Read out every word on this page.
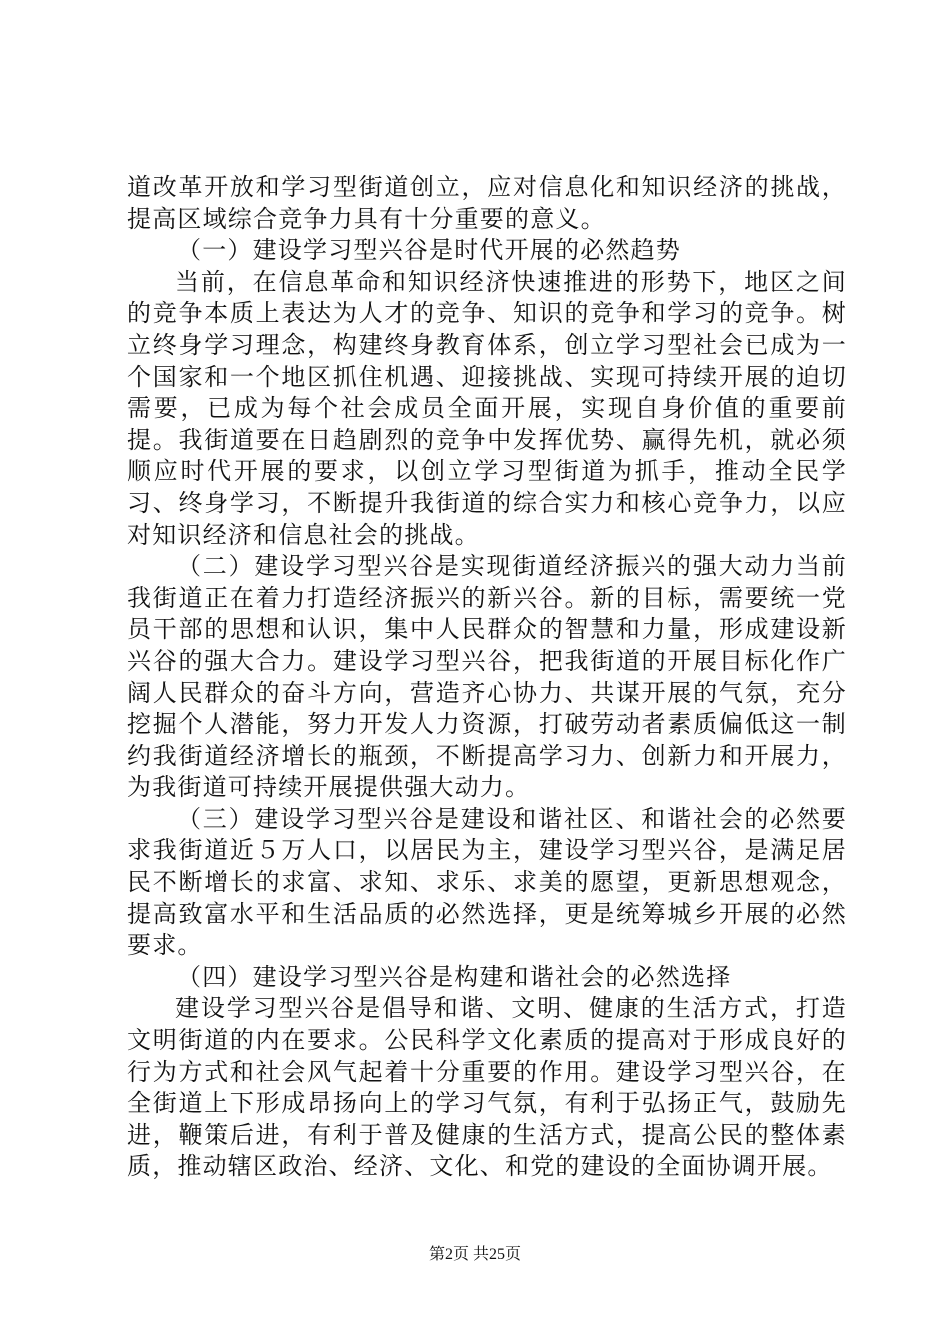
道改革开放和学习型街道创立，应对信息化和知识经济的挑战，提高区域综合竞争力具有十分重要的意义。

（一）建设学习型兴谷是时代开展的必然趋势

当前，在信息革命和知识经济快速推进的形势下，地区之间的竞争本质上表达为人才的竞争、知识的竞争和学习的竞争。树立终身学习理念，构建终身教育体系，创立学习型社会已成为一个国家和一个地区抓住机遇、迎接挑战、实现可持续开展的迫切需要，已成为每个社会成员全面开展，实现自身价值的重要前提。我街道要在日趋剧烈的竞争中发挥优势、赢得先机，就必须顺应时代开展的要求，以创立学习型街道为抓手，推动全民学习、终身学习，不断提升我街道的综合实力和核心竞争力，以应对知识经济和信息社会的挑战。

（二）建设学习型兴谷是实现街道经济振兴的强大动力当前我街道正在着力打造经济振兴的新兴谷。新的目标，需要统一党员干部的思想和认识，集中人民群众的智慧和力量，形成建设新兴谷的强大合力。建设学习型兴谷，把我街道的开展目标化作广阔人民群众的奋斗方向，营造齐心协力、共谋开展的气氛，充分挖掘个人潜能，努力开发人力资源，打破劳动者素质偏低这一制约我街道经济增长的瓶颈，不断提高学习力、创新力和开展力，为我街道可持续开展提供强大动力。

（三）建设学习型兴谷是建设和谐社区、和谐社会的必然要求我街道近５万人口，以居民为主，建设学习型兴谷，是满足居民不断增长的求富、求知、求乐、求美的愿望，更新思想观念，提高致富水平和生活品质的必然选择，更是统筹城乡开展的必然要求。

（四）建设学习型兴谷是构建和谐社会的必然选择

建设学习型兴谷是倡导和谐、文明、健康的生活方式，打造文明街道的内在要求。公民科学文化素质的提高对于形成良好的行为方式和社会风气起着十分重要的作用。建设学习型兴谷，在全街道上下形成昂扬向上的学习气氛，有利于弘扬正气，鼓励先进，鞭策后进，有利于普及健康的生活方式，提高公民的整体素质，推动辖区政治、经济、文化、和党的建设的全面协调开展。

第2页 共25页
